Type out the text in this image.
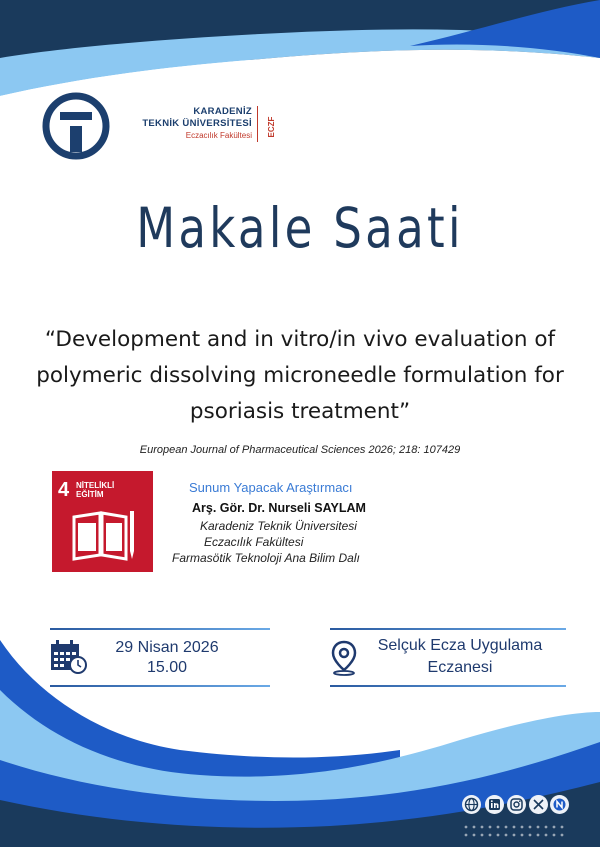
KARADENİZ
TEKNİK ÜNİVERSİTESİ
Eczacılık Fakültesi ECZF
Makale Saati
“Development and in vitro/in vivo evaluation of polymeric dissolving microneedle formulation for psoriasis treatment”
European Journal of Pharmaceutical Sciences 2026; 218: 107429
4 NİTELİKLİ
EĞİTİM	Sunum Yapacak Araştırmacı
Arş. Gör. Dr. Nurseli SAYLAM
Karadeniz Teknik Üniversitesi
Eczacılık Fakültesi
Farmasötik Teknoloji Ana Bilim Dalı
29 Nisan 2026
15.00
Selçuk Ecza Uygulama
Eczanesi
